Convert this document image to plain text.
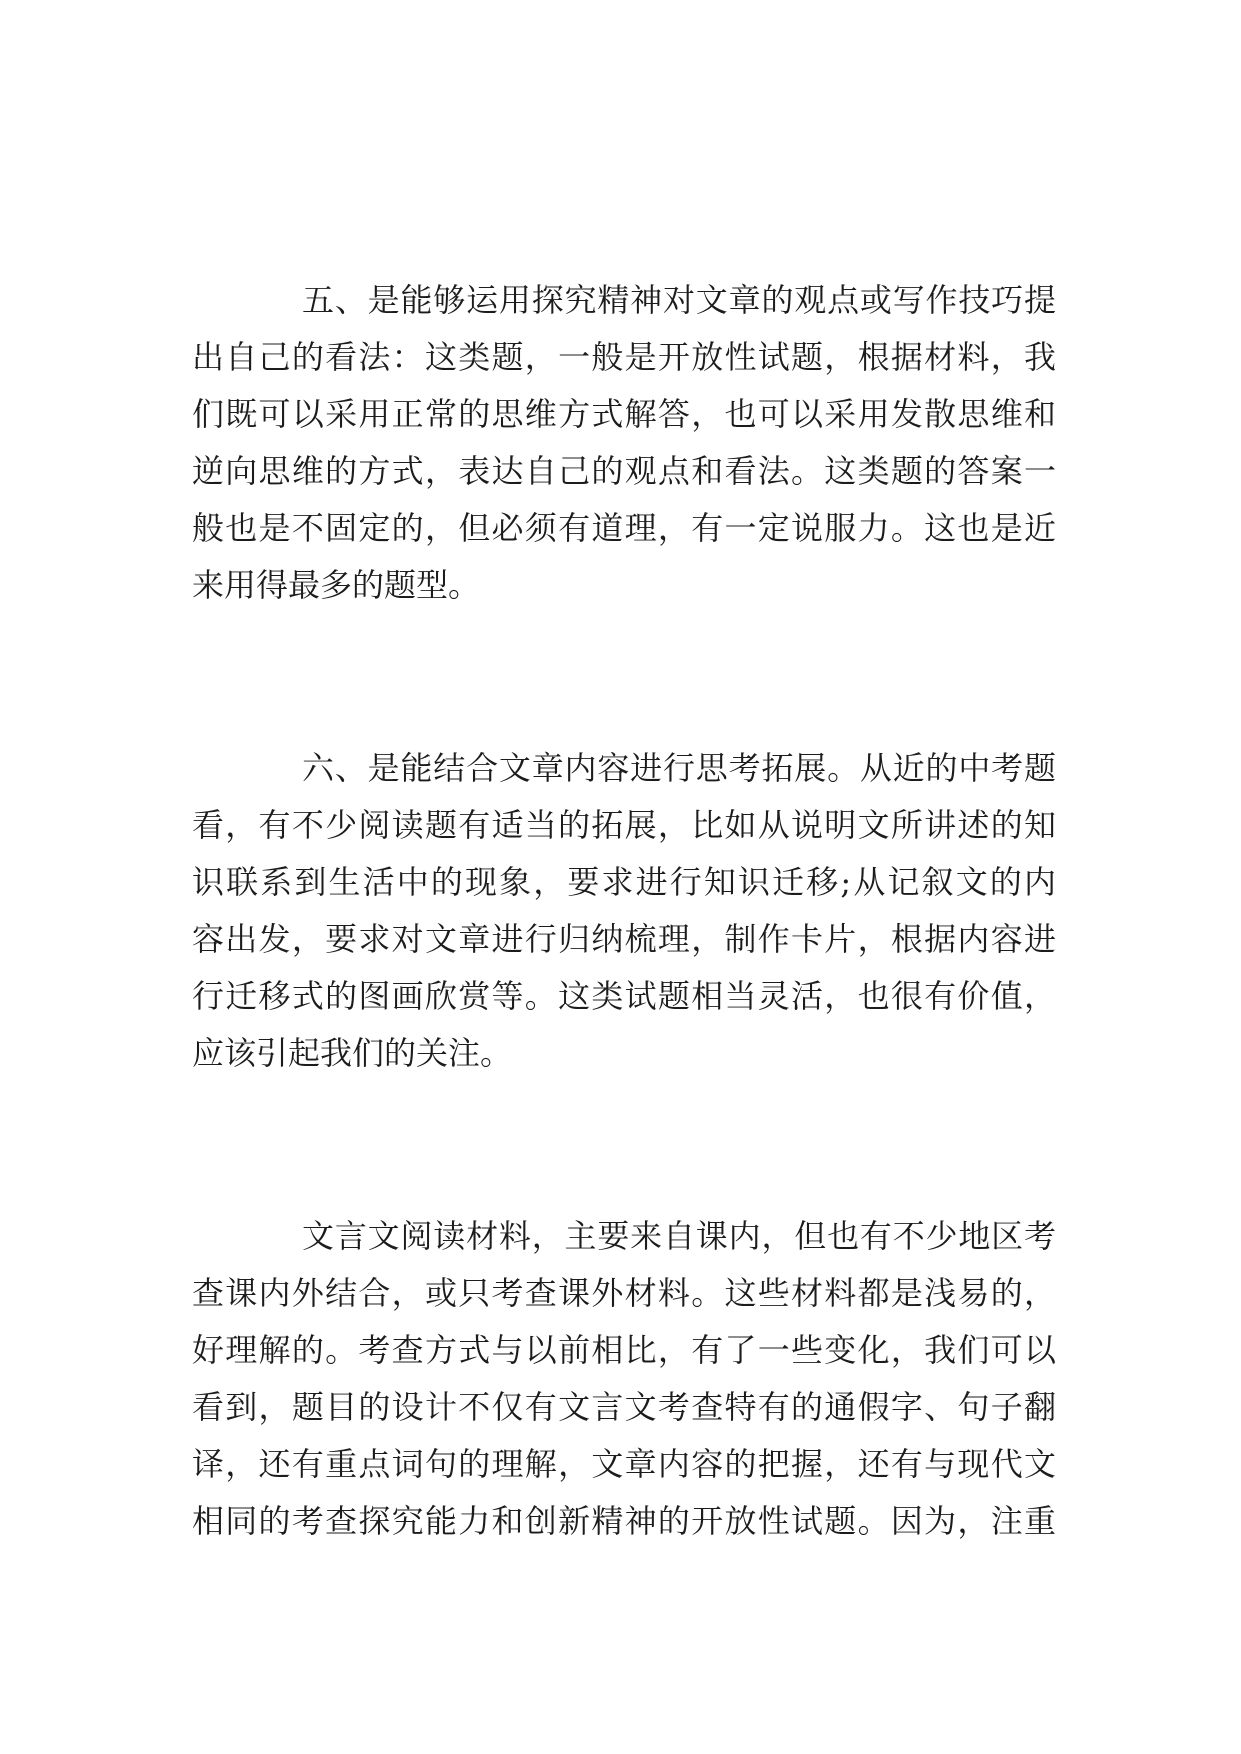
五、是能够运用探究精神对文章的观点或写作技巧提
出自己的看法：这类题，一般是开放性试题，根据材料，我
们既可以采用正常的思维方式解答，也可以采用发散思维和
逆向思维的方式，表达自己的观点和看法。这类题的答案一
般也是不固定的，但必须有道理，有一定说服力。这也是近
来用得最多的题型。
六、是能结合文章内容进行思考拓展。从近的中考题
看，有不少阅读题有适当的拓展，比如从说明文所讲述的知
识联系到生活中的现象，要求进行知识迁移;从记叙文的内
容出发，要求对文章进行归纳梳理，制作卡片，根据内容进
行迁移式的图画欣赏等。这类试题相当灵活，也很有价值，
应该引起我们的关注。
文言文阅读材料，主要来自课内，但也有不少地区考
查课内外结合，或只考查课外材料。这些材料都是浅易的，
好理解的。考查方式与以前相比，有了一些变化，我们可以
看到，题目的设计不仅有文言文考查特有的通假字、句子翻
译，还有重点词句的理解，文章内容的把握，还有与现代文
相同的考查探究能力和创新精神的开放性试题。因为，注重
